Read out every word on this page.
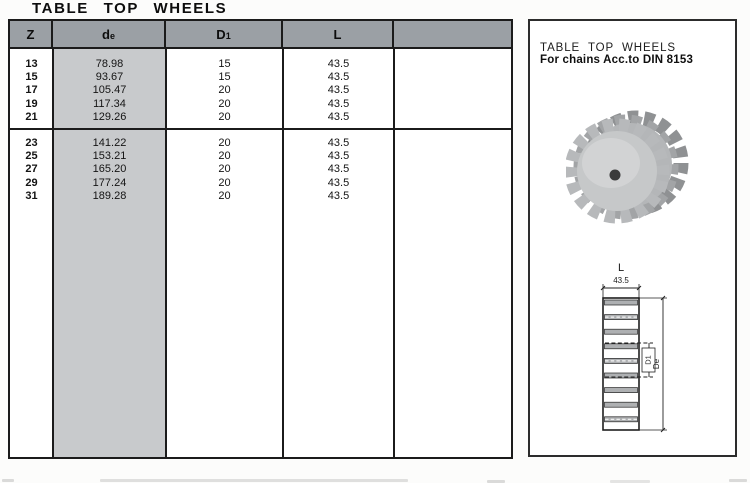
TABLE TOP WHEELS
Z	d e	D 1	L
13	78.98	15	43.5
15	93.67	15	43.5
17	105.47	20	43.5
19	117.34	20	43.5
21	129.26	20	43.5
23	141.22	20	43.5
25	153.21	20	43.5
27	165.20	20	43.5
29	177.24	20	43.5
31	189.28	20	43.5
TABLE TOP WHEELS
For chains Acc.to DIN 8153
L
43.5
D1 De
